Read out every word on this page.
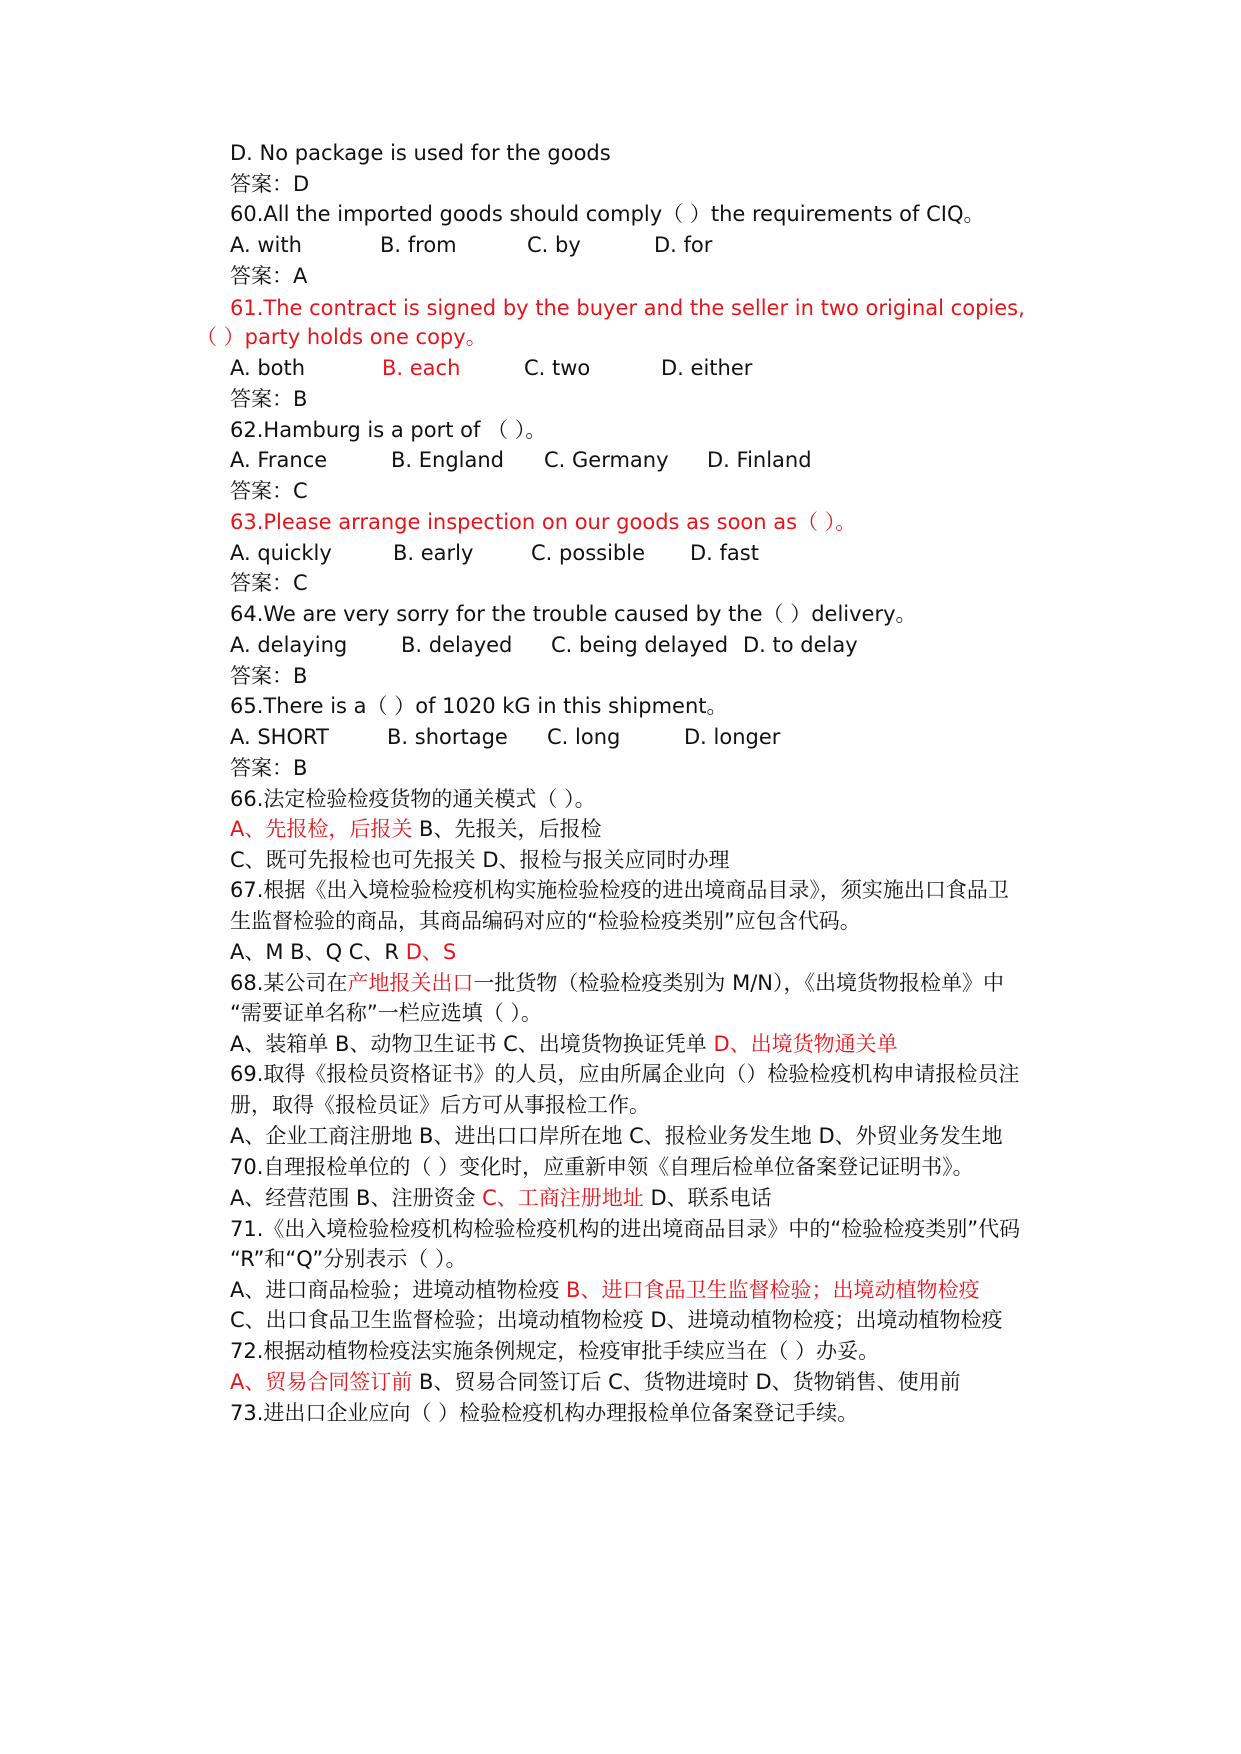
D. No package is used for the goods
答案：D
60.All the imported goods should comply（ ）the requirements of CIQ。
A. with	B. from	C. by	D. for
答案：A
61.The contract is signed by the buyer and the seller in two original copies,
（ ）party holds one copy。
A. both	B. each	C. two	D. either
答案：B
62.Hamburg is a port of （ ）。
A. France	B. England C. Germany D. Finland
答案：C
63.Please arrange inspection on our goods as soon as（ ）。
A. quickly	B. early	C. possible D. fast
答案：C
64.We are very sorry for the trouble caused by the（ ）delivery。
A. delaying	B. delayed C. being delayed D. to delay
答案：B
65.There is a（ ）of 1020 kG in this shipment。
A. SHORT	B. shortage C. long	D. longer
答案：B
66.法定检验检疫货物的通关模式（ ）。
A、先报检，后报关 B、先报关，后报检
C、既可先报检也可先报关 D、报检与报关应同时办理
67.根据《出入境检验检疫机构实施检验检疫的进出境商品目录》，须实施出口食品卫
生监督检验的商品，其商品编码对应的“检验检疫类别”应包含代码。
A、M B、Q C、R D、S
68.某公司在产地报关出口一批货物（检验检疫类别为 M/N），《出境货物报检单》中
“需要证单名称”一栏应选填（ ）。
A、装箱单 B、动物卫生证书 C、出境货物换证凭单 D、出境货物通关单
69.取得《报检员资格证书》的人员，应由所属企业向（）检验检疫机构申请报检员注
册，取得《报检员证》后方可从事报检工作。
A、企业工商注册地 B、进出口口岸所在地 C、报检业务发生地 D、外贸业务发生地
70.自理报检单位的（ ）变化时，应重新申领《自理后检单位备案登记证明书》。
A、经营范围 B、注册资金 C、工商注册地址 D、联系电话
71.《出入境检验检疫机构检验检疫机构的进出境商品目录》中的“检验检疫类别”代码
“R”和“Q”分别表示（ ）。
A、进口商品检验；进境动植物检疫 B、进口食品卫生监督检验；出境动植物检疫
C、出口食品卫生监督检验；出境动植物检疫 D、进境动植物检疫；出境动植物检疫
72.根据动植物检疫法实施条例规定，检疫审批手续应当在（ ）办妥。
A、贸易合同签订前 B、贸易合同签订后 C、货物进境时 D、货物销售、使用前
73.进出口企业应向（ ）检验检疫机构办理报检单位备案登记手续。
